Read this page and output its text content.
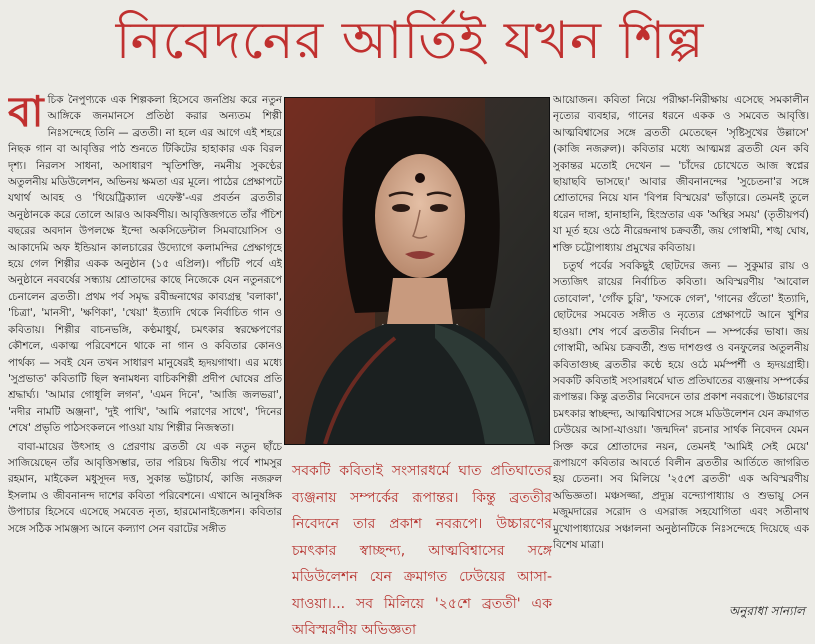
নিবেদনের আর্তিই যখন শিল্প
বা চিক নৈপুণ্যকে এক শিল্পকলা হিসেবে জনপ্রিয় করে নতুন আঙ্গিকে জনমানসে প্রতিষ্ঠা করার অন্যতম শিল্পী নিঃসন্দেহে তিনি — ব্রততী। না হলে এর আগে এই শহরে নিছক গান বা আবৃত্তির পাঠ শুনতে টিকিটের হাহাকার এক বিরল দৃশ্য। নিরলস সাধনা, অসাধারণ স্মৃতিশক্তি, নমনীয় সুকণ্ঠের অতুলনীয় মডিউলেশন, অভিনয় ক্ষমতা এর মূলে। পাঠের প্রেক্ষাপটে যথার্থ আবহ ও 'থিয়েট্রিক্যাল এফেক্ট'-এর প্রবর্তন ব্রততীর অনুষ্ঠানকে করে তোলে আরও আকর্ষণীয়। আবৃত্তিজগতে তাঁর পঁচিশ বছরের অবদান উপলক্ষে ইন্দো অকসিডেন্টাল সিমবায়োসিস ও আকাদেমি অফ ইন্ডিয়ান কালচারের উদ্যোগে কলামন্দির প্রেক্ষাগৃহে হয়ে গেল শিল্পীর একক অনুষ্ঠান (১৫ এপ্রিল)। পাঁচটি পর্বে এই অনুষ্ঠানে নববর্ষের সন্ধ্যায় শ্রোতাদের কাছে নিজেকে যেন নতুনরূপে চেনালেন ব্রততী। প্রথম পর্ব সমৃদ্ধ রবীন্দ্রনাথের কাব্যগ্রন্থ 'বলাকা', 'চিত্রা', 'মানসী', 'ক্ষণিকা', 'খেয়া' ইত্যাদি থেকে নির্বাচিত গান ও কবিতায়। শিল্পীর বাচনভঙ্গি, কণ্ঠমাধুর্য, চমৎকার স্বরক্ষেপণের কৌশলে, একাত্ম পরিবেশনে থাকে না গান ও কবিতার কোনও পার্থক্য — সবই যেন তখন সাধারণ মানুষেরই হৃদয়গাথা। এর মধ্যে 'সুপ্রভাত' কবিতাটি ছিল স্বনামধন্য বাচিকশিল্পী প্রদীপ ঘোষের প্রতি শ্রদ্ধার্ঘ্য। 'আমার গোধূলি লগন', 'এমন দিনে', 'আজি জলভরা', 'নদীর নামটি অঞ্জনা', 'দুই পাখি', 'আমি পরাণের সাথে', 'দিনের শেষে' প্রভৃতি পাঠসংকলনে পাওয়া যায় শিল্পীর নিজস্বতা।

বাবা-মায়ের উৎসাহ ও প্রেরণায় ব্রততী যে এক নতুন ছাঁচে সাজিয়েছেন তাঁর আবৃত্তিসম্ভার, তার পরিচয় দ্বিতীয় পর্বে শামসুর রহমান, মাইকেল মধুসূদন দত্ত, সুকান্ত ভট্টাচার্য, কাজি নজরুল ইসলাম ও জীবনানন্দ দাশের কবিতা পরিবেশনে। এখানে আনুষঙ্গিক উপাচার হিসেবে এসেছে সমবেত নৃত্য, হারমোনাইজেশন। কবিতার সঙ্গে সঠিক সামঞ্জস্য আনে কল্যাণ সেন বরাটের সঙ্গীত

সবকটি কবিতাই সংসারধর্মে ঘাত প্রতিঘাতের ব্যঞ্জনায় সম্পর্কের রূপান্তর। কিন্তু ব্রততীর নিবেদনে তার প্রকাশ নবরূপে। উচ্চারণের চমৎকার স্বাচ্ছন্দ্য, আত্মবিশ্বাসের সঙ্গে মডিউলেশন যেন ক্রমাগত ঢেউয়ের আসা-যাওয়া।... সব মিলিয়ে '২৫শে ব্রততী' এক অবিস্মরণীয় অভিজ্ঞতা

আয়োজন। কবিতা নিয়ে পরীক্ষা-নিরীক্ষায় এসেছে সমকালীন নৃত্যের ব্যবহার, গানের ধরনে একক ও সমবেত আবৃত্তি। আত্মবিশ্বাসের সঙ্গে ব্রততী মেতেছেন 'সৃষ্টিসুখের উল্লাসে' (কাজি নজরুল)। কবিতার মধ্যে আত্মমগ্ন ব্রততী যেন কবি সুকান্তর মতোই দেখেন — 'চাঁদের চোখেতে আজ স্বপ্নের ছায়াছবি ভাসছে।' আবার জীবনানন্দের 'সুচেতনা'র সঙ্গে শ্রোতাদের নিয়ে যান 'বিপন্ন বিস্ময়ের' ভাঁড়ারে। তেমনই তুলে ধরেন দাঙ্গা, হানাহানি, হিংস্রতার এক 'অস্থির সময়' (তৃতীয়পর্ব) যা মূর্ত হয়ে ওঠে নীরেন্দ্রনাথ চক্রবর্তী, জয় গোস্বামী, শঙ্খ ঘোষ, শক্তি চট্টোপাধ্যায় প্রমুখের কবিতায়।

চতুর্থ পর্বের সবকিছুই ছোটদের জন্য — সুকুমার রায় ও সত্যজিৎ রায়ের নির্বাচিত কবিতা। অবিস্মরণীয় 'আবোল তোবোল', 'গোঁফ চুরি', 'ফসকে গেল', 'গানের গুঁতো' ইত্যাদি, ছোটদের সমবেত সঙ্গীত ও নৃত্যের প্রেক্ষাপটে আনে খুশির হাওয়া। শেষ পর্বে ব্রততীর নির্বাচন — সম্পর্কের ভাষা। জয় গোস্বামী, অমিয় চক্রবর্তী, শুভ দাশগুপ্ত ও বনফুলের অতুলনীয় কবিতাগুচ্ছ ব্রততীর কণ্ঠে হয়ে ওঠে মর্মস্পর্শী ও হৃদয়গ্রাহী। সবকটি কবিতাই সংসারধর্মে ঘাত প্রতিঘাতের ব্যঞ্জনায় সম্পর্কের রূপান্তর। কিন্তু ব্রততীর নিবেদনে তার প্রকাশ নবরূপে। উচ্চারণের চমৎকার স্বাচ্ছন্দ্য, আত্মবিশ্বাসের সঙ্গে মডিউলেশন যেন ক্রমাগত ঢেউয়ের আসা-যাওয়া। 'জন্মদিন' রচনার সার্থক নিবেদন যেমন সিক্ত করে শ্রোতাদের নয়ন, তেমনই 'আমিই সেই মেয়ে' রূপায়ণে কবিতার আবর্তে বিলীন ব্রততীর আর্তিতে জাগরিত হয় চেতনা। সব মিলিয়ে '২৫শে ব্রততী' এক অবিস্মরণীয় অভিজ্ঞতা। মঞ্চসজ্জা, প্রদ্যুম্ন বন্দ্যোপাধ্যায় ও শুভায়ু সেন মজুমদারের সরোদ ও এসরাজ সহযোগিতা এবং সতীনাথ মুখোপাধ্যায়ের সঞ্চালনা অনুষ্ঠানটিকে নিঃসন্দেহে দিয়েছে এক বিশেষ মাত্রা।

অনুরাধা সান্যাল
